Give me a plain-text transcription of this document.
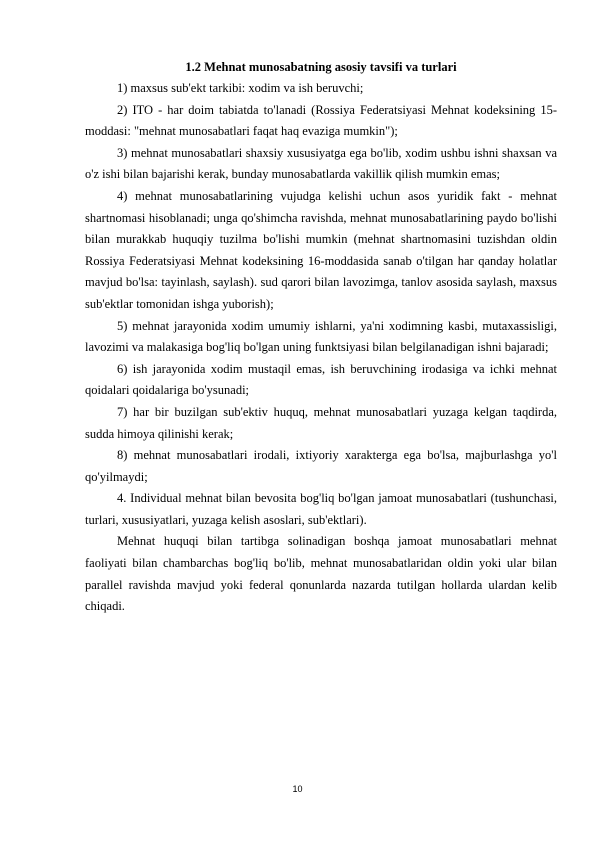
1.2 Mehnat munosabatning asosiy tavsifi va turlari

1) maxsus sub'ekt tarkibi: xodim va ish beruvchi;

2) ITO - har doim tabiatda to'lanadi (Rossiya Federatsiyasi Mehnat kodeksining 15-moddasi: "mehnat munosabatlari faqat haq evaziga mumkin");

3) mehnat munosabatlari shaxsiy xususiyatga ega bo'lib, xodim ushbu ishni shaxsan va o'z ishi bilan bajarishi kerak, bunday munosabatlarda vakillik qilish mumkin emas;

4) mehnat munosabatlarining vujudga kelishi uchun asos yuridik fakt - mehnat shartnomasi hisoblanadi; unga qo'shimcha ravishda, mehnat munosabatlarining paydo bo'lishi bilan murakkab huquqiy tuzilma bo'lishi mumkin (mehnat shartnomasini tuzishdan oldin Rossiya Federatsiyasi Mehnat kodeksining 16-moddasida sanab o'tilgan har qanday holatlar mavjud bo'lsa: tayinlash, saylash). sud qarori bilan lavozimga, tanlov asosida saylash, maxsus sub'ektlar tomonidan ishga yuborish);

5) mehnat jarayonida xodim umumiy ishlarni, ya'ni xodimning kasbi, mutaxassisligi, lavozimi va malakasiga bog'liq bo'lgan uning funktsiyasi bilan belgilanadigan ishni bajaradi;

6) ish jarayonida xodim mustaqil emas, ish beruvchining irodasiga va ichki mehnat qoidalari qoidalariga bo'ysunadi;

7) har bir buzilgan sub'ektiv huquq, mehnat munosabatlari yuzaga kelgan taqdirda, sudda himoya qilinishi kerak;

8) mehnat munosabatlari irodali, ixtiyoriy xarakterga ega bo'lsa, majburlashga yo'l qo'yilmaydi;

4. Individual mehnat bilan bevosita bog'liq bo'lgan jamoat munosabatlari (tushunchasi, turlari, xususiyatlari, yuzaga kelish asoslari, sub'ektlari).

Mehnat huquqi bilan tartibga solinadigan boshqa jamoat munosabatlari mehnat faoliyati bilan chambarchas bog'liq bo'lib, mehnat munosabatlaridan oldin yoki ular bilan parallel ravishda mavjud yoki federal qonunlarda nazarda tutilgan hollarda ulardan kelib chiqadi.

10
